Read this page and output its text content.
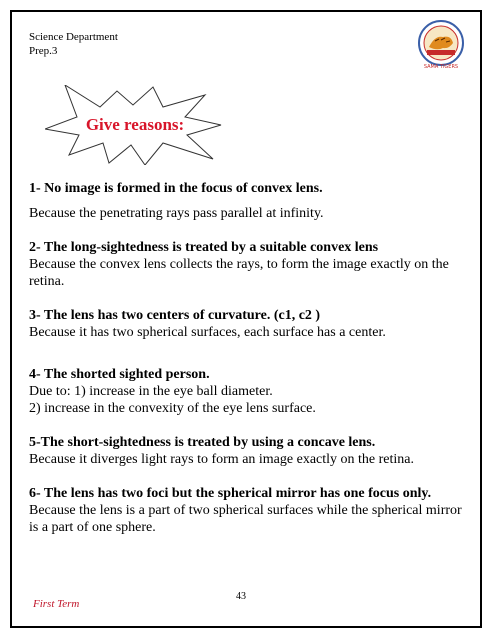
Science Department
Prep.3
SAMA TIGERS
Give reasons:
1- No image is formed in the focus of convex lens.
Because the penetrating rays pass parallel at infinity.
2- The long-sightedness is treated by a suitable convex lens
Because the convex lens collects the rays, to form the image exactly on the retina.
3- The lens has two centers of curvature. (c1, c2 )
Because it has two spherical surfaces, each surface has a center.
4- The shorted sighted person.
Due to: 1) increase in the eye ball diameter.
2) increase in the convexity of the eye lens surface.
5-The short-sightedness is treated by using a concave lens.
Because it diverges light rays to form an image exactly on the retina.
6- The lens has two foci but the spherical mirror has one focus only.
Because the lens is a part of two spherical surfaces while the spherical mirror is a part of one sphere.
43
First Term
